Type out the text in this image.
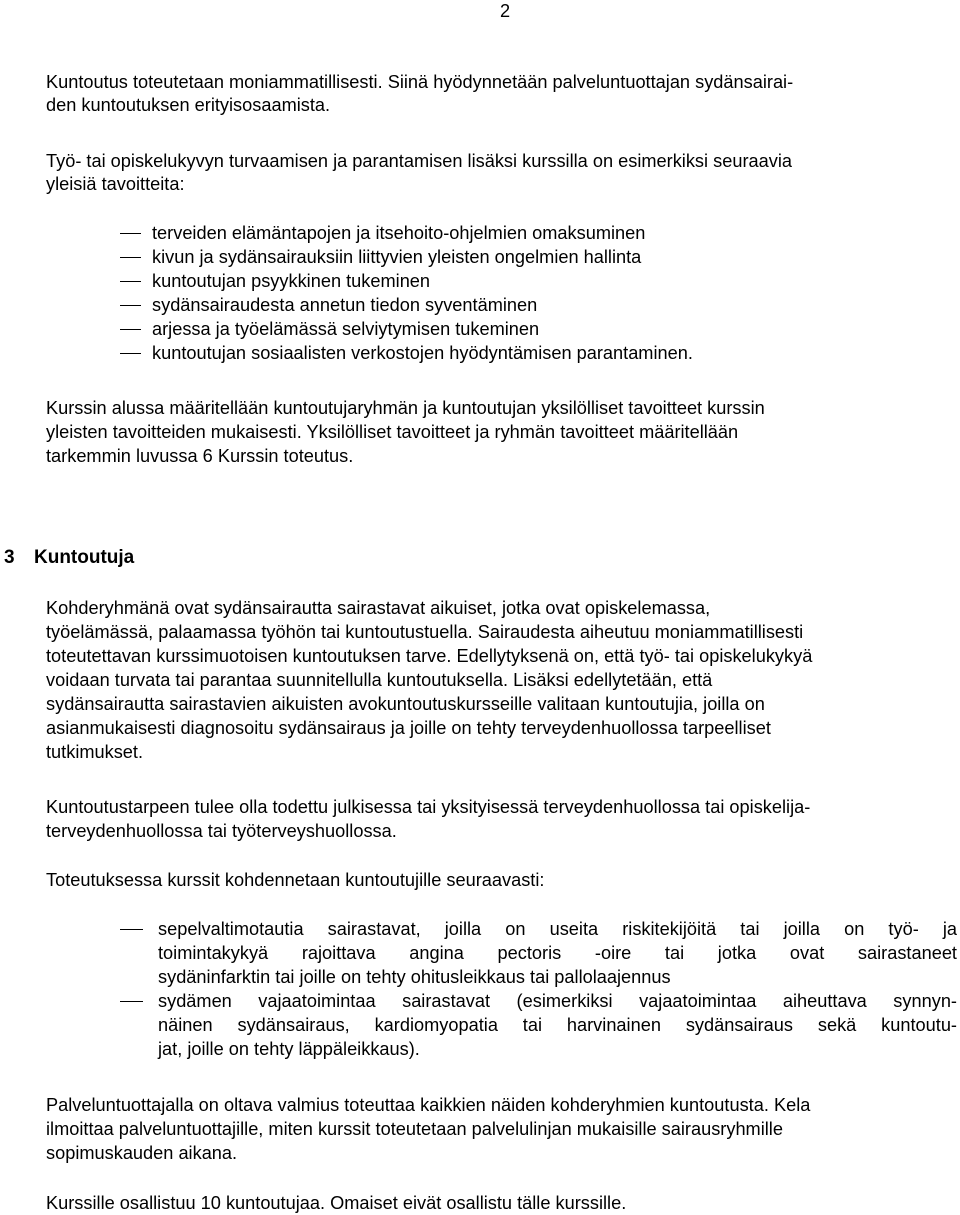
2
Kuntoutus toteutetaan moniammatillisesti. Siinä hyödynnetään palveluntuottajan sydänsairai-
den kuntoutuksen erityisosaamista.
Työ- tai opiskelukyvyn turvaamisen ja parantamisen lisäksi kurssilla on esimerkiksi seuraavia
yleisiä tavoitteita:
terveiden elämäntapojen ja itsehoito-ohjelmien omaksuminen
kivun ja sydänsairauksiin liittyvien yleisten ongelmien hallinta
kuntoutujan psyykkinen tukeminen
sydänsairaudesta annetun tiedon syventäminen
arjessa ja työelämässä selviytymisen tukeminen
kuntoutujan sosiaalisten verkostojen hyödyntämisen parantaminen.
Kurssin alussa määritellään kuntoutujaryhmän ja kuntoutujan yksilölliset tavoitteet kurssin
yleisten tavoitteiden mukaisesti. Yksilölliset tavoitteet ja ryhmän tavoitteet määritellään
tarkemmin luvussa 6 Kurssin toteutus.
3 Kuntoutuja
Kohderyhmänä ovat sydänsairautta sairastavat aikuiset, jotka ovat opiskelemassa,
työelämässä, palaamassa työhön tai kuntoutustuella. Sairaudesta aiheutuu moniammatillisesti
toteutettavan kurssimuotoisen kuntoutuksen tarve. Edellytyksenä on, että työ- tai opiskelukykyä
voidaan turvata tai parantaa suunnitellulla kuntoutuksella. Lisäksi edellytetään, että
sydänsairautta sairastavien aikuisten avokuntoutuskursseille valitaan kuntoutujia, joilla on
asianmukaisesti diagnosoitu sydänsairaus ja joille on tehty terveydenhuollossa tarpeelliset
tutkimukset.
Kuntoutustarpeen tulee olla todettu julkisessa tai yksityisessä terveydenhuollossa tai opiskelija-
terveydenhuollossa tai työterveyshuollossa.
Toteutuksessa kurssit kohdennetaan kuntoutujille seuraavasti:
sepelvaltimotautia sairastavat, joilla on useita riskitekijöitä tai joilla on työ- ja
toimintakykyä rajoittava angina pectoris -oire tai jotka ovat sairastaneet
sydäninfarktin tai joille on tehty ohitusleikkaus tai pallolaajennus
sydämen vajaatoimintaa sairastavat (esimerkiksi vajaatoimintaa aiheuttava synnyn-
näinen sydänsairaus, kardiomyopatia tai harvinainen sydänsairaus sekä kuntoutu-
jat, joille on tehty läppäleikkaus).
Palveluntuottajalla on oltava valmius toteuttaa kaikkien näiden kohderyhmien kuntoutusta. Kela
ilmoittaa palveluntuottajille, miten kurssit toteutetaan palvelulinjan mukaisille sairausryhmille
sopimuskauden aikana.
Kurssille osallistuu 10 kuntoutujaa. Omaiset eivät osallistu tälle kurssille.
